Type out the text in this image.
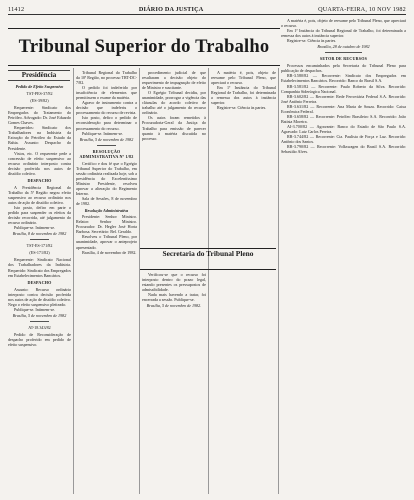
11412	DIÁRIO DA JUSTIÇA	QUARTA-FEIRA, 10 NOV 1982
Tribunal Superior do Trabalho
Presidência
Pedido de Efeito Suspensivo
TST-PES-37/82
(ES-39/82)
Requerente: Sindicato dos Empregados do Tratamento do Petróleo. Advogado: Dr. José Eduardo Gomes Chaves.
Requeridos: Sindicato dos Trabalhadores na Indústria da Extração do Petróleo do Estado da Bahia. Assunto: Despacho do Presidente.
Vistos, etc. O requerente pede a concessão de efeito suspensivo ao recurso ordinário interposto contra decisão proferida nos autos de dissídio coletivo.
DESPACHO
A Presidência Regional do Trabalho da 5ª Região negou efeito suspensivo ao recurso ordinário nos autos de ação de dissídio coletivo.
Isto posto, defiro em parte o pedido para suspender os efeitos da decisão recorrida, até julgamento do recurso ordinário.
Publique-se. Intimem-se.
Brasília, 8 de novembro de 1982
TST-ES-171/82
(ES-171/82)
Requerente: Sindicato Nacional dos Trabalhadores da Indústria. Requerido: Sindicato dos Empregados em Estabelecimentos Bancários.
DESPACHO
Assunto: Recurso ordinário interposto contra decisão proferida nos autos de ação de dissídio coletivo. Nego o efeito suspensivo pleiteado.
Publique-se. Intimem-se.
Brasília, 5 de novembro de 1982
AT-18.343/82
Pedido de Reconsideração de despacho proferido em pedido de efeito suspensivo.
Tribunal Regional do Trabalho da 10ª Região, no processo TRT-DC-7/82.
O pedido foi indeferido por insuficiência de elementos que permitissem o exame da matéria.
Agravo de instrumento contra a decisão que indeferiu o processamento do recurso de revista.
Isto posto, defiro o pedido de reconsideração para determinar o processamento do recurso.
Publique-se. Intimem-se.
Brasília, 5 de novembro de 1982
RESOLUÇÃO ADMINISTRATIVA Nº 1/82
Certifico e dou fé que o Egrégio Tribunal Superior do Trabalho, em sessão ordinária realizada hoje, sob a presidência do Excelentíssimo Ministro Presidente, resolveu aprovar a alteração do Regimento Interno.
Sala de Sessões, 8 de novembro de 1982.
Resolução Administrativa
Presidente: Senhor Ministro. Relator: Senhor Ministro. Procurador: Dr. Hegler José Horta Barbosa. Secretário: Bel. Geraldo.
Resolveu o Tribunal Pleno, por unanimidade, aprovar o anteprojeto apresentado.
Brasília, 4 de novembro de 1982.	Secretaria do Tribunal Pleno
procedimento judicial de que resultaram a decisão objeto do requerimento de impugnação de efeito de Ministro e suscitante.
O Egrégio Tribunal decidiu, por unanimidade, prorrogar a vigência das cláusulas do acordo coletivo de trabalho até o julgamento do recurso ordinário.
Os autos foram remetidos à Procuradoria-Geral da Justiça do Trabalho para emissão de parecer quanto à matéria discutida no processo.
Verificou-se que o recurso foi interposto dentro do prazo legal, estando presentes os pressupostos de admissibilidade.
Nada mais havendo a tratar, foi encerrada a sessão. Publique-se.
Brasília, 5 de novembro de 1982.
A matéria é, pois, objeto de reexame pelo Tribunal Pleno, que apreciará o recurso.
Em 1ª Instância do Tribunal Regional de Trabalho, foi determinada a remessa dos autos à instância superior.
Registre-se. Ciência às partes.
A matéria é, pois, objeto de reexame pelo Tribunal Pleno, que apreciará o recurso.
Em 1ª Instância do Tribunal Regional de Trabalho, foi determinada a remessa dos autos à instância superior.
Registre-se. Ciência às partes.
Brasília, 28 de outubro de 1982
SETOR DE RECURSOS
Processos encaminhados pela Secretaria do Tribunal Pleno para publicação de despachos.
RR-3.580/82 — Recorrente: Sindicato dos Empregados em Estabelecimentos Bancários. Recorrido: Banco do Brasil S.A.
RR-3.581/82 — Recorrente: Paulo Roberto da Silva. Recorrido: Companhia Siderúrgica Nacional.
RR-3.602/82 — Recorrente: Rede Ferroviária Federal S.A. Recorrido: José Antônio Ferreira.
RR-3.631/82 — Recorrente: Ana Maria de Souza. Recorrido: Caixa Econômica Federal.
RR-3.658/82 — Recorrente: Petróleo Brasileiro S.A. Recorrido: João Batista Moreira.
AI-3.700/82 — Agravante: Banco do Estado de São Paulo S.A. Agravado: Luiz Carlos Pereira.
RR-3.744/82 — Recorrente: Cia. Paulista de Força e Luz. Recorrido: Antônio dos Santos.
RR-3.790/82 — Recorrente: Volkswagen do Brasil S.A. Recorrido: Sebastião Alves.
